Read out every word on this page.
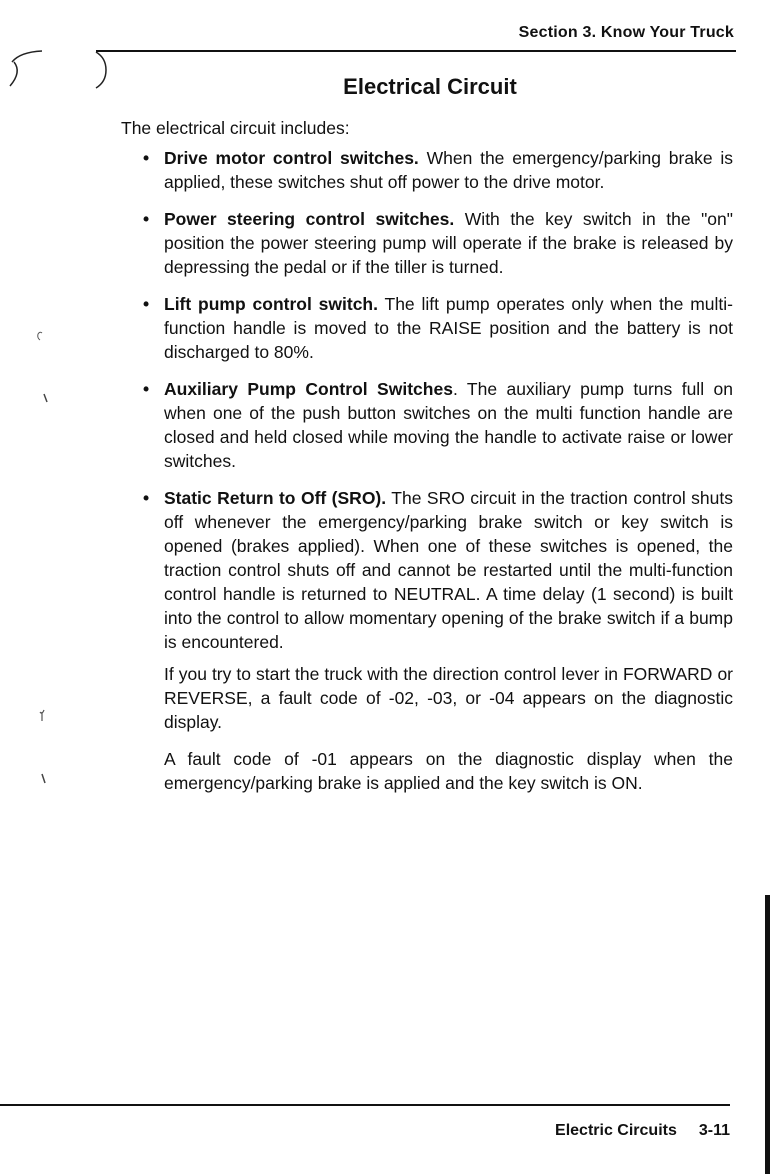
Section 3. Know Your Truck
Electrical Circuit

The electrical circuit includes:

• Drive motor control switches. When the emergency/parking brake is applied, these switches shut off power to the drive motor.
• Power steering control switches. With the key switch in the "on" position the power steering pump will operate if the brake is released by depressing the pedal or if the tiller is turned.
• Lift pump control switch. The lift pump operates only when the multi-function handle is moved to the RAISE position and the battery is not discharged to 80%.
• Auxiliary Pump Control Switches. The auxiliary pump turns full on when one of the push button switches on the multi function handle are closed and held closed while moving the handle to activate raise or lower switches.
• Static Return to Off (SRO). The SRO circuit in the traction control shuts off whenever the emergency/parking brake switch or key switch is opened (brakes applied). When one of these switches is opened, the traction control shuts off and cannot be restarted until the multi-function control handle is returned to NEUTRAL. A time delay (1 second) is built into the control to allow momentary opening of the brake switch if a bump is encountered.

If you try to start the truck with the direction control lever in FORWARD or REVERSE, a fault code of -02, -03, or -04 appears on the diagnostic display.

A fault code of -01 appears on the diagnostic display when the emergency/parking brake is applied and the key switch is ON.

Electric Circuits 3-11
